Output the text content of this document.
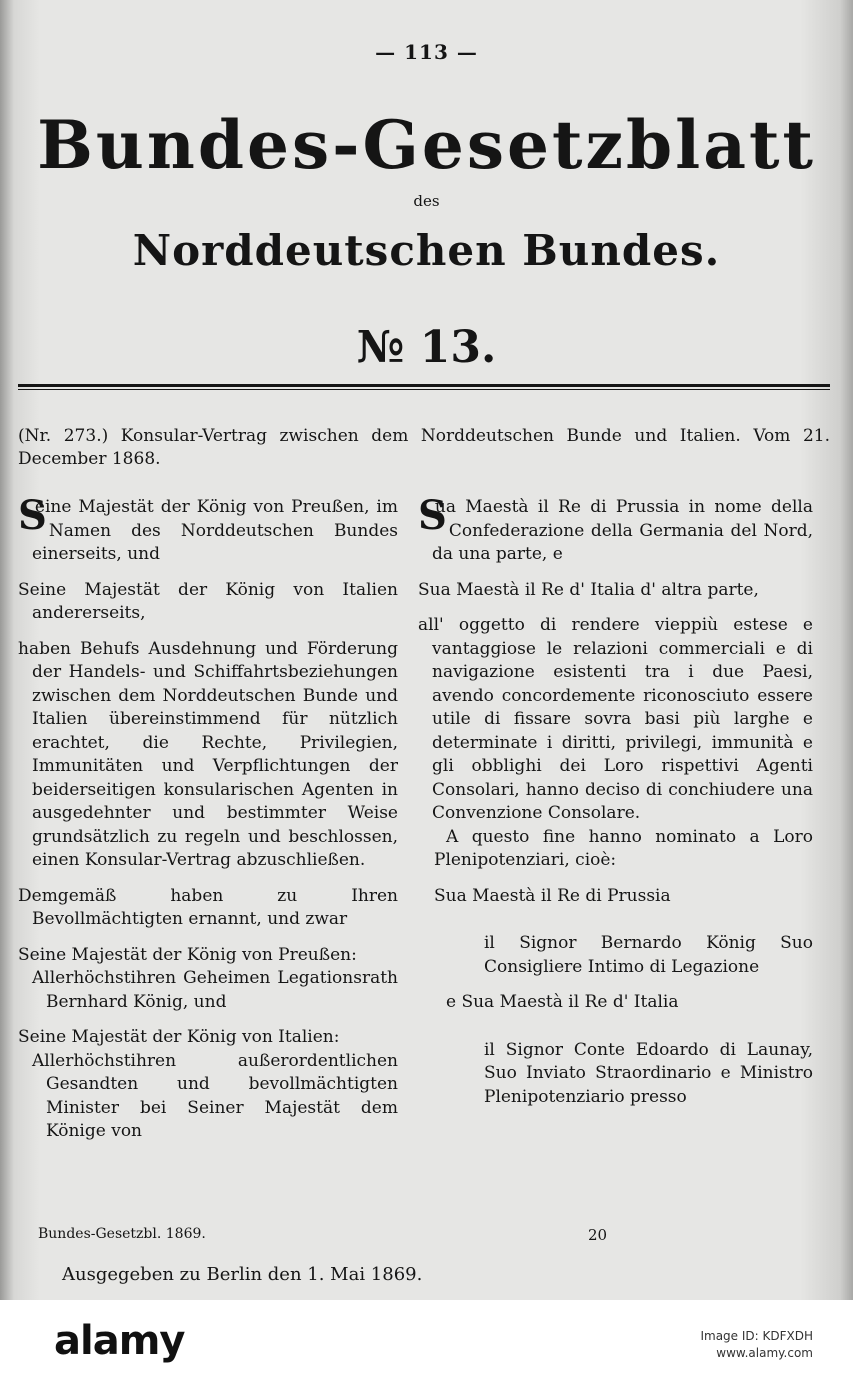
— 113 —
Bundes-Gesetzblatt
des
Norddeutschen Bundes.
№ 13.
(Nr. 273.) Konsular-Vertrag zwischen dem Norddeutschen Bunde und Italien. Vom 21. December 1868.

S
eine Majestät der König von Preußen, im Namen des Norddeutschen Bundes einerseits, und

Seine Majestät der König von Italien andererseits,

haben Behufs Ausdehnung und Förderung der Handels- und Schiffahrtsbeziehungen zwischen dem Norddeutschen Bunde und Italien übereinstimmend für nützlich erachtet, die Rechte, Privilegien, Immunitäten und Verpflichtungen der beiderseitigen konsularischen Agenten in ausgedehnter und bestimmter Weise grundsätzlich zu regeln und beschlossen, einen Konsular-Vertrag abzuschließen.

Demgemäß haben zu Ihren Bevollmächtigten ernannt, und zwar

Seine Majestät der König von Preußen:

Allerhöchstihren Geheimen Legationsrath Bernhard König, und

Seine Majestät der König von Italien:

Allerhöchstihren außerordentlichen Gesandten und bevollmächtigten Minister bei Seiner Majestät dem Könige von

S
ua Maestà il Re di Prussia in nome della Confederazione della Germania del Nord, da una parte, e

Sua Maestà il Re d' Italia d' altra parte,

all' oggetto di rendere vieppiù estese e vantaggiose le relazioni commerciali e di navigazione esistenti tra i due Paesi, avendo concordemente riconosciuto essere utile di fissare sovra basi più larghe e determinate i diritti, privilegi, immunità e gli obblighi dei Loro rispettivi Agenti Consolari, hanno deciso di conchiudere una Convenzione Consolare.

A questo fine hanno nominato a Loro Plenipotenziari, cioè:

Sua Maestà il Re di Prussia

il Signor Bernardo König Suo Consigliere Intimo di Legazione

e Sua Maestà il Re d' Italia

il Signor Conte Edoardo di Launay, Suo Inviato Straordinario e Ministro Plenipotenziario presso

Bundes-Gesetzbl. 1869.	20
Ausgegeben zu Berlin den 1. Mai 1869.
alamy	Image ID: KDFXDH
www.alamy.com
